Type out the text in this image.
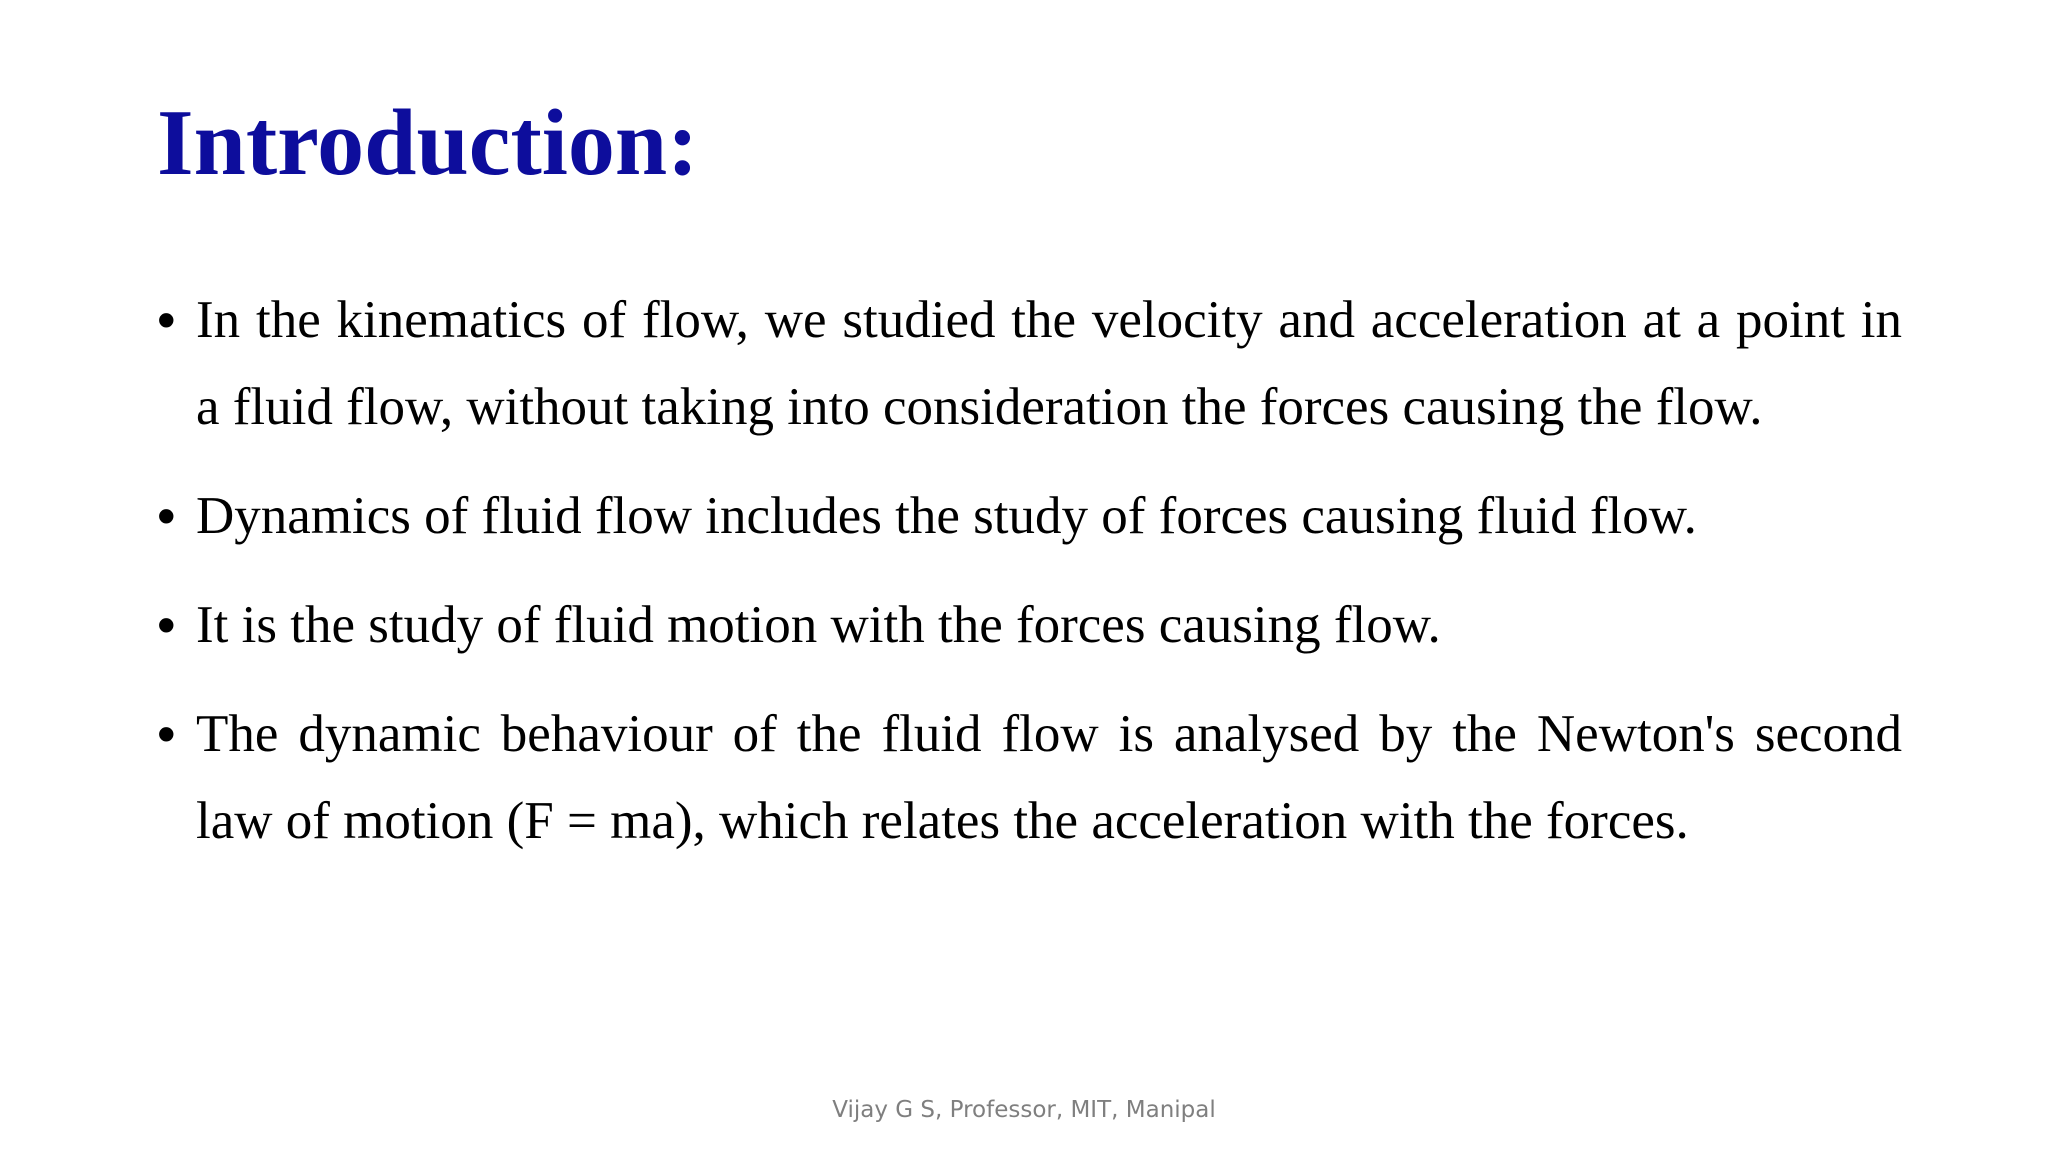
Introduction:
• In the kinematics of flow, we studied the velocity and acceleration at a point in a fluid flow, without taking into consideration the forces causing the flow.
• Dynamics of fluid flow includes the study of forces causing fluid flow.
• It is the study of fluid motion with the forces causing flow.
• The dynamic behaviour of the fluid flow is analysed by the Newton's second law of motion (F = ma), which relates the acceleration with the forces.
Vijay G S, Professor, MIT, Manipal
